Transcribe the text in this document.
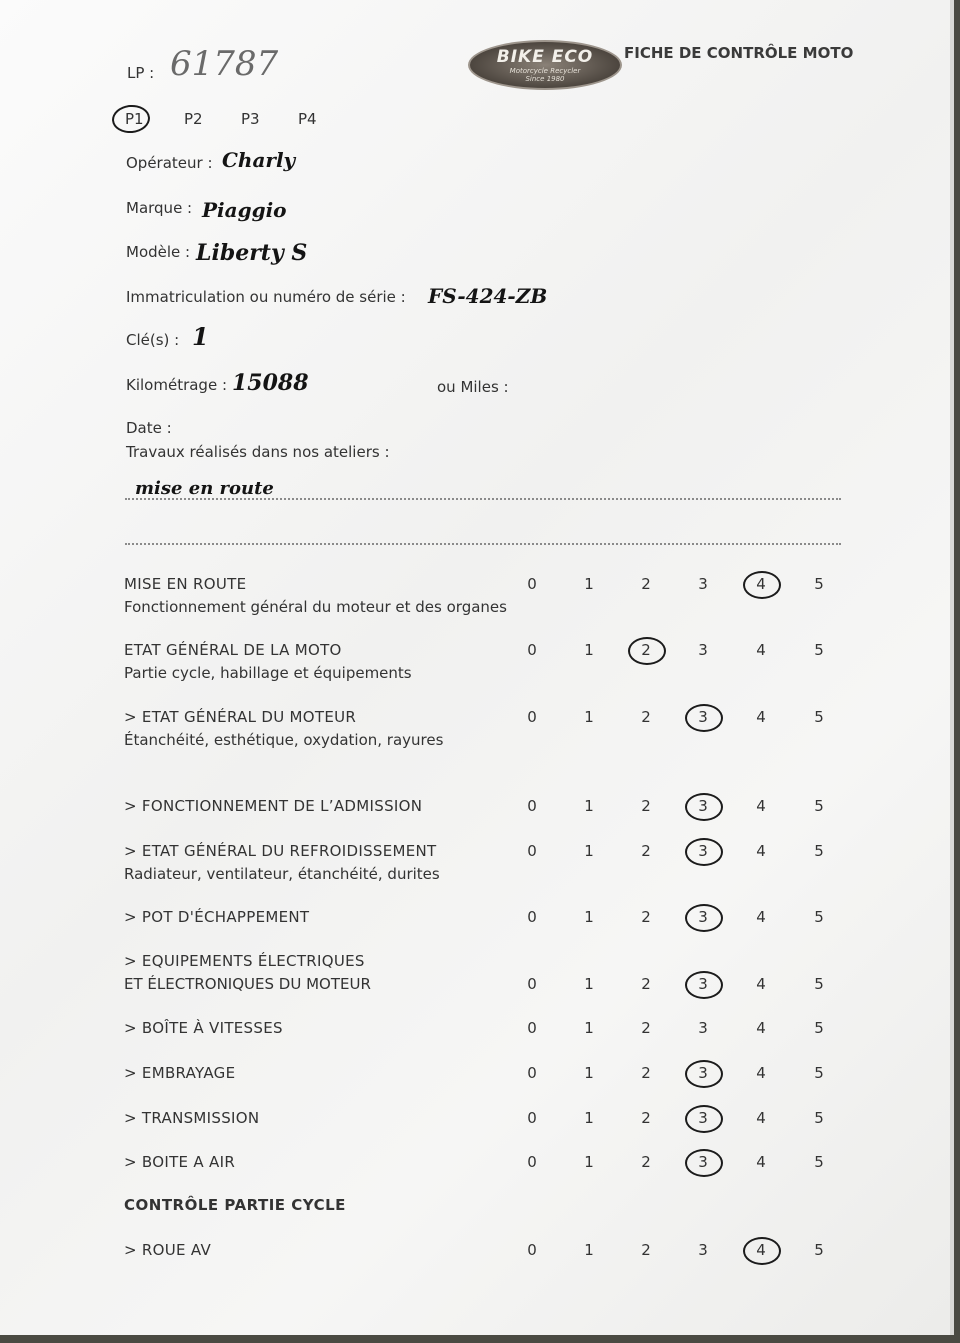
LP : 61787	BIKE ECO
Motorcycle Recycler
Since 1980
FICHE DE CONTRÔLE MOTO
P1	P2	P3	P4
Opérateur : Charly
Marque : Piaggio
Modèle : Liberty S
Immatriculation ou numéro de série : FS-424-ZB
Clé(s) : 1
Kilométrage : 15088	ou Miles :
Date :
Travaux réalisés dans nos ateliers :
mise en route
MISE EN ROUTE
Fonctionnement général du moteur et des organes
0	1	2	3	4	5
ETAT GÉNÉRAL DE LA MOTO
Partie cycle, habillage et équipements
0	1	2	3	4	5
> ETAT GÉNÉRAL DU MOTEUR
Étanchéité, esthétique, oxydation, rayures
0	1	2	3	4	5
> FONCTIONNEMENT DE L’ADMISSION	0	1	2	3	4	5
> ETAT GÉNÉRAL DU REFROIDISSEMENT
Radiateur, ventilateur, étanchéité, durites
0	1	2	3	4	5
> POT D'ÉCHAPPEMENT	0	1	2	3	4	5
> EQUIPEMENTS ÉLECTRIQUES
ET ÉLECTRONIQUES DU MOTEUR	0	1	2	3	4	5
> BOÎTE À VITESSES	0	1	2	3	4	5
> EMBRAYAGE	0	1	2	3	4	5
> TRANSMISSION	0	1	2	3	4	5
> BOITE A AIR	0	1	2	3	4	5
> ROUE AV	0	1	2	3	4	5
CONTRÔLE PARTIE CYCLE
